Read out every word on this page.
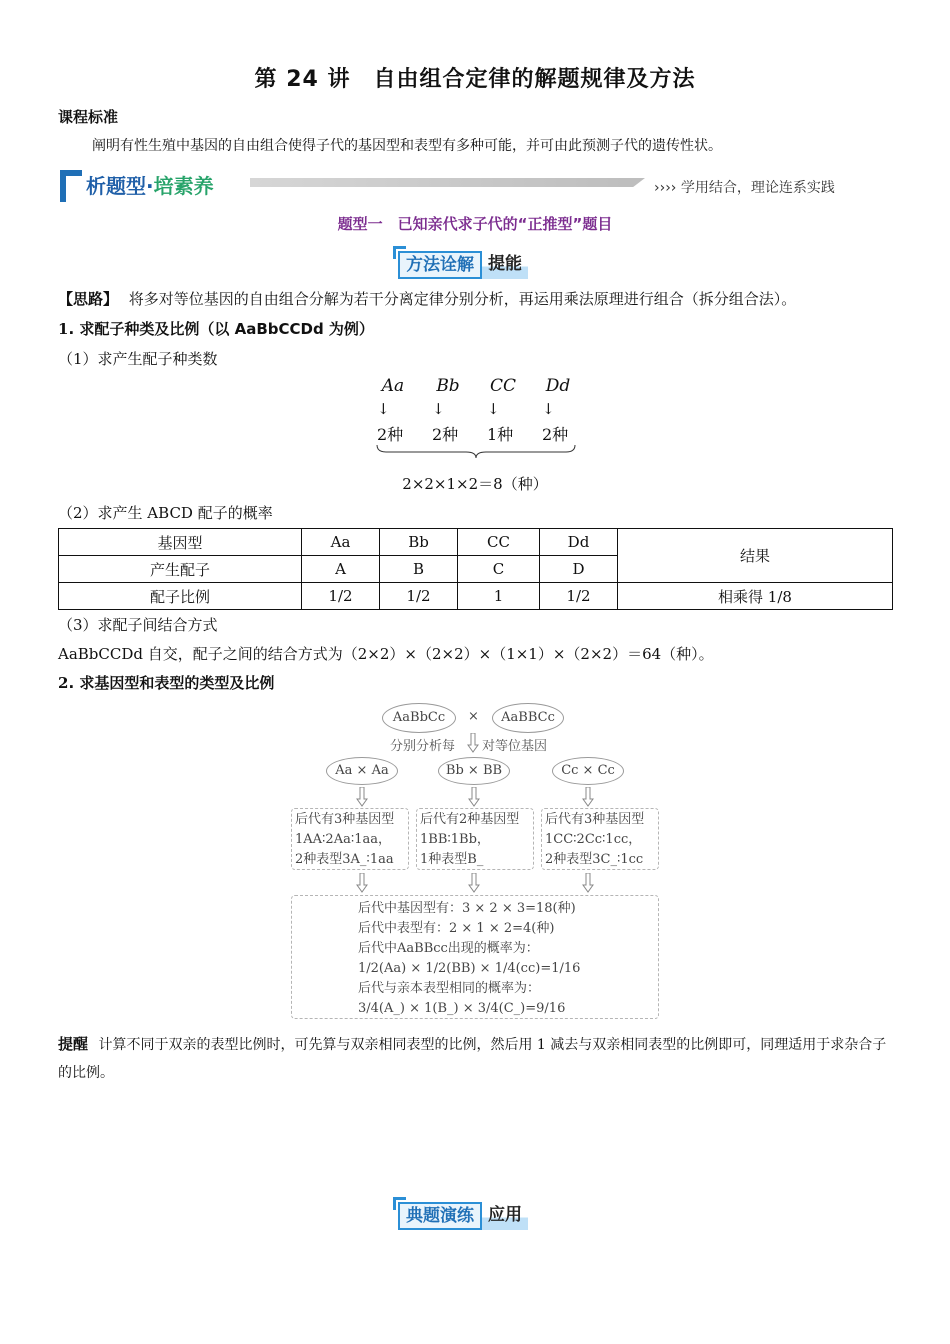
第 24 讲　自由组合定律的解题规律及方法
课程标准
阐明有性生殖中基因的自由组合使得子代的基因型和表型有多种可能，并可由此预测子代的遗传性状。
析题型·培素养	›››› 学用结合，理论连系实践
题型一　已知亲代求子代的“正推型”题目
方法诠解 提能
【思路】 将多对等位基因的自由组合分解为若干分离定律分别分析，再运用乘法原理进行组合（拆分组合法）。
1. 求配子种类及比例（以 AaBbCCDd 为例）
（1）求产生配子种类数
Aa	Bb	CC	Dd
↓	↓	↓	↓
2种 2种 1种 2种
2×2×1×2＝8（种）
（2）求产生 ABCD 配子的概率
基因型	Aa	Bb	CC	Dd	结果
产生配子	A	B	C	D	
配子比例	1/2	1/2	1	1/2	相乘得 1/8
（3）求配子间结合方式
AaBbCCDd 自交，配子之间的结合方式为（2×2）×（2×2）×（1×1）×（2×2）＝64（种）。
2. 求基因型和表型的类型及比例
AaBbCc	×	AaBBCc
分别分析每 对等位基因
Aa × Aa	Bb × BB	Cc × Cc
后代有3种基因型
1AA∶2Aa∶1aa，
2种表型3A_∶1aa
后代有2种基因型
1BB∶1Bb，
1种表型B_
后代有3种基因型
1CC∶2Cc∶1cc，
2种表型3C_∶1cc
后代中基因型有：3 × 2 × 3=18(种)
后代中表型有：2 × 1 × 2=4(种)
后代中AaBBcc出现的概率为：
1/2(Aa) × 1/2(BB) × 1/4(cc)=1/16
后代与亲本表型相同的概率为：
3/4(A_) × 1(B_) × 3/4(C_)=9/16
提醒 计算不同于双亲的表型比例时，可先算与双亲相同表型的比例，然后用 1 减去与双亲相同表型的比例即可，同理适用于求杂合子的比例。
典题演练 应用
